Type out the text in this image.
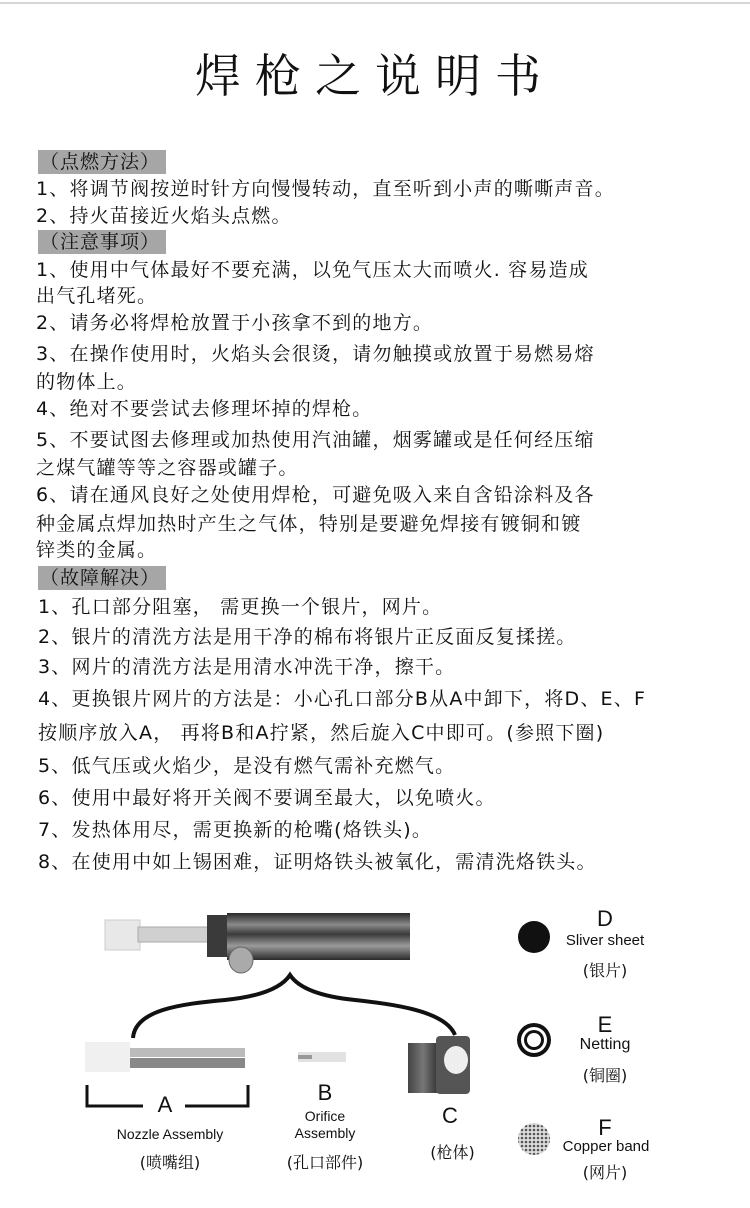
焊枪之说明书
（点燃方法）
1、将调节阀按逆时针方向慢慢转动，直至听到小声的嘶嘶声音。
2、持火苗接近火焰头点燃。
（注意事项）
1、使用中气体最好不要充满，以免气压太大而喷火. 容易造成
出气孔堵死。
2、请务必将焊枪放置于小孩拿不到的地方。
3、在操作使用时，火焰头会很烫，请勿触摸或放置于易燃易熔
的物体上。
4、绝对不要尝试去修理坏掉的焊枪。
5、不要试图去修理或加热使用汽油罐，烟雾罐或是任何经压缩
之煤气罐等等之容器或罐子。
6、请在通风良好之处使用焊枪，可避免吸入来自含铅涂料及各
种金属点焊加热时产生之气体，特别是要避免焊接有镀铜和镀
锌类的金属。
（故障解决）
1、孔口部分阻塞， 需更换一个银片，网片。
2、银片的清洗方法是用干净的棉布将银片正反面反复揉搓。
3、网片的清洗方法是用清水冲洗干净，擦干。
4、更换银片网片的方法是：小心孔口部分B从A中卸下，将D、E、F
按顺序放入A， 再将B和A拧紧，然后旋入C中即可。(参照下圈)
5、低气压或火焰少，是没有燃气需补充燃气。
6、使用中最好将开关阀不要调至最大，以免喷火。
7、发热体用尽，需更换新的枪嘴(烙铁头)。
8、在使用中如上锡困难，证明烙铁头被氧化，需清洗烙铁头。
A
Nozzle Assembly
(喷嘴组)
B
Orifice
Assembly
(孔口部件)
C
(枪体)
D
Sliver sheet
(银片)
E
Netting
(铜圈)
F
Copper band
(网片)
